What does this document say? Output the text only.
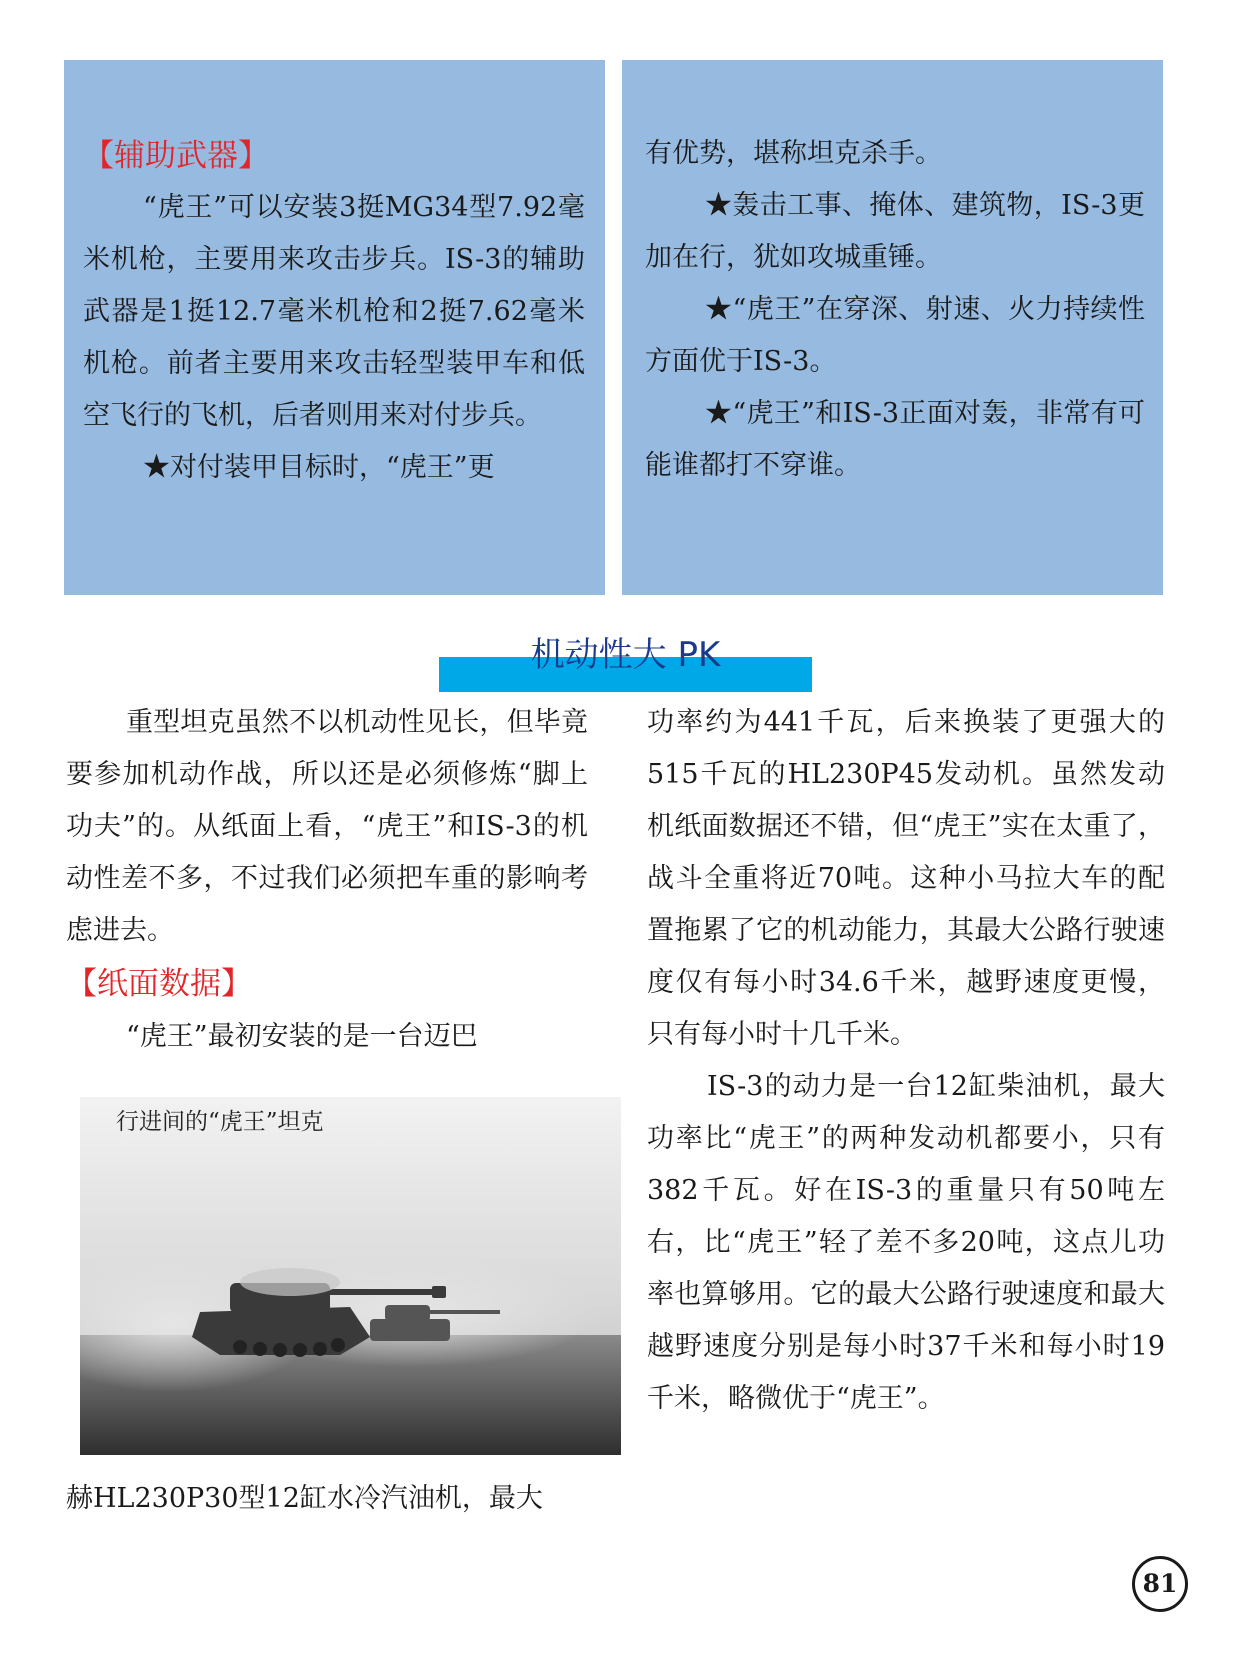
【辅助武器】

“虎王”可以安装3挺MG34型7.92毫米机枪，主要用来攻击步兵。IS-3的辅助武器是1挺12.7毫米机枪和2挺7.62毫米机枪。前者主要用来攻击轻型装甲车和低空飞行的飞机，后者则用来对付步兵。

★对付装甲目标时，“虎王”更

有优势，堪称坦克杀手。

★轰击工事、掩体、建筑物，IS-3更加在行，犹如攻城重锤。

★“虎王”在穿深、射速、火力持续性方面优于IS-3。

★“虎王”和IS-3正面对轰，非常有可能谁都打不穿谁。

机动性大 PK

重型坦克虽然不以机动性见长，但毕竟要参加机动作战，所以还是必须修炼“脚上功夫”的。从纸面上看，“虎王”和IS-3的机动性差不多，不过我们必须把车重的影响考虑进去。

【纸面数据】

“虎王”最初安装的是一台迈巴

行进间的“虎王”坦克

赫HL230P30型12缸水冷汽油机，最大

功率约为441千瓦，后来换装了更强大的515千瓦的HL230P45发动机。虽然发动机纸面数据还不错，但“虎王”实在太重了，战斗全重将近70吨。这种小马拉大车的配置拖累了它的机动能力，其最大公路行驶速度仅有每小时34.6千米，越野速度更慢，只有每小时十几千米。

IS-3的动力是一台12缸柴油机，最大功率比“虎王”的两种发动机都要小，只有382千瓦。好在IS-3的重量只有50吨左右，比“虎王”轻了差不多20吨，这点儿功率也算够用。它的最大公路行驶速度和最大越野速度分别是每小时37千米和每小时19千米，略微优于“虎王”。

81
